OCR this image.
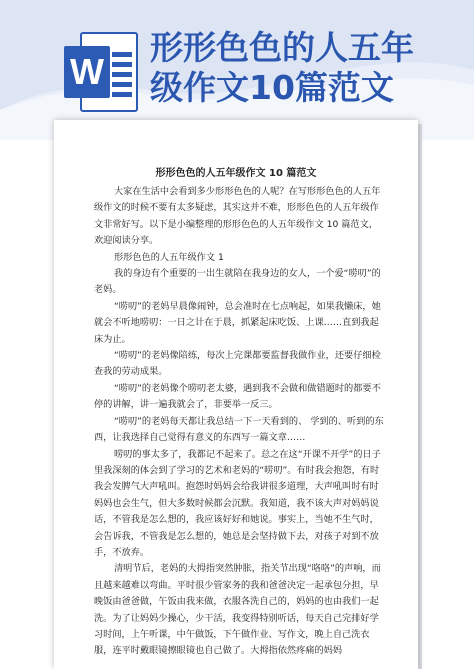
W
形形色色的人五年
级作文10篇范文
形形色色的人五年级作文 10 篇范文

大家在生活中会看到多少形形色色的人呢？在写形形色色的人五年级作文的时候不要有太多疑虑，其实这并不难，形形色色的人五年级作文非常好写。以下是小编整理的形形色色的人五年级作文 10 篇范文，欢迎阅读分享。

形形色色的人五年级作文 1

我的身边有个重要的一出生就陪在我身边的女人，一个爱“唠叨”的老妈。

“唠叨”的老妈早晨像闹钟，总会准时在七点响起，如果我懒床，她就会不听地唠叨：一日之计在于晨，抓紧起床吃饭、上课……直到我起床为止。

“唠叨”的老妈像陪练，每次上完课都要监督我做作业，还要仔细检查我的劳动成果。

“唠叨”的老妈像个唠叨老太婆，遇到我不会做和做错题时的都要不停的讲解，讲一遍我就会了，非要举一反三。

“唠叨”的老妈每天都让我总结一下一天看到的、 学到的、听到的东西，让我选择自己觉得有意义的东西写一篇文章……

唠叨的事太多了，我都记不起来了。总之在这“开课不开学”的日子里我深刻的体会到了学习的艺术和老妈的“唠叨”。有时我会抱怨，有时我会发脾气大声吼叫。抱怨时妈妈会给我讲很多道理，大声吼叫时有时妈妈也会生气，但大多数时候都会沉默。我知道，我不该大声对妈妈说话，不管我是怎么想的，我应该好好和她说。事实上，当她不生气时，会告诉我，不管我是怎么想的，她总是会坚持做下去，对孩子对到不放手，不放弃。

清明节后，老妈的大拇指突然肿胀，指关节出现“咯咯”的声响，而且越来越难以弯曲。平时很少管家务的我和爸爸决定一起承包分担，早晚饭由爸爸做，午饭由我来做，衣服各洗自己的，妈妈的也由我们一起洗。为了让妈妈少操心，少干活，我变得特别听话，每天自己完排好学习时间，上午听课，中午做饭，下午做作业、写作文，晚上自己洗衣服，连平时戴眼镜擦眼镜也自己做了。大拇指依然疼痛的妈妈
